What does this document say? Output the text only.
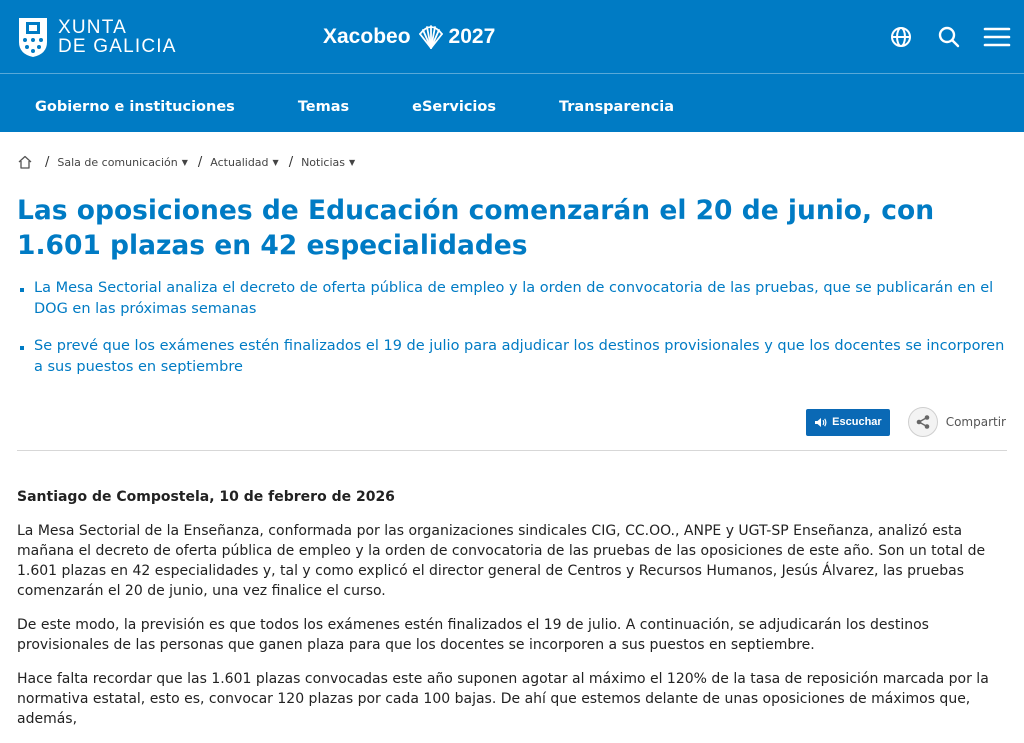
XUNTA
DE GALICIA	Xacobeo 2027
Gobierno e instituciones	Temas	eServicios	Transparencia
/ Sala de comunicación ▼ / Actualidad ▼ / Noticias ▼
Las oposiciones de Educación comenzarán el 20 de junio, con 1.601 plazas en 42 especialidades
La Mesa Sectorial analiza el decreto de oferta pública de empleo y la orden de convocatoria de las pruebas, que se publicarán en el DOG en las próximas semanas
Se prevé que los exámenes estén finalizados el 19 de julio para adjudicar los destinos provisionales y que los docentes se incorporen a sus puestos en septiembre
Escuchar	Compartir
Santiago de Compostela, 10 de febrero de 2026

La Mesa Sectorial de la Enseñanza, conformada por las organizaciones sindicales CIG, CC.OO., ANPE y UGT-SP Enseñanza, analizó esta mañana el decreto de oferta pública de empleo y la orden de convocatoria de las pruebas de las oposiciones de este año. Son un total de 1.601 plazas en 42 especialidades y, tal y como explicó el director general de Centros y Recursos Humanos, Jesús Álvarez, las pruebas comenzarán el 20 de junio, una vez finalice el curso.

De este modo, la previsión es que todos los exámenes estén finalizados el 19 de julio. A continuación, se adjudicarán los destinos provisionales de las personas que ganen plaza para que los docentes se incorporen a sus puestos en septiembre.

Hace falta recordar que las 1.601 plazas convocadas este año suponen agotar al máximo el 120% de la tasa de reposición marcada por la normativa estatal, esto es, convocar 120 plazas por cada 100 bajas. De ahí que estemos delante de unas oposiciones de máximos que, además,
